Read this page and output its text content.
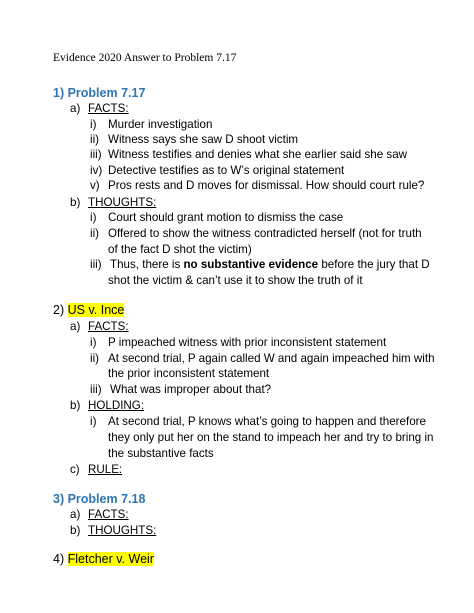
Evidence 2020 Answer to Problem 7.17
1) Problem 7.17
a) FACTS:
i) Murder investigation
ii) Witness says she saw D shoot victim
iii) Witness testifies and denies what she earlier said she saw
iv) Detective testifies as to W’s original statement
v) Pros rests and D moves for dismissal. How should court rule?
b) THOUGHTS:
i) Court should grant motion to dismiss the case
ii) Offered to show the witness contradicted herself (not for truth
of the fact D shot the victim)
iii) Thus, there is no substantive evidence before the jury that D
shot the victim & can’t use it to show the truth of it
2) US v. Ince
a) FACTS:
i) P impeached witness with prior inconsistent statement
ii) At second trial, P again called W and again impeached him with
the prior inconsistent statement
iii) What was improper about that?
b) HOLDING:
i) At second trial, P knows what’s going to happen and therefore
they only put her on the stand to impeach her and try to bring in
the substantive facts
c) RULE:
3) Problem 7.18
a) FACTS:
b) THOUGHTS:
4) Fletcher v. Weir
